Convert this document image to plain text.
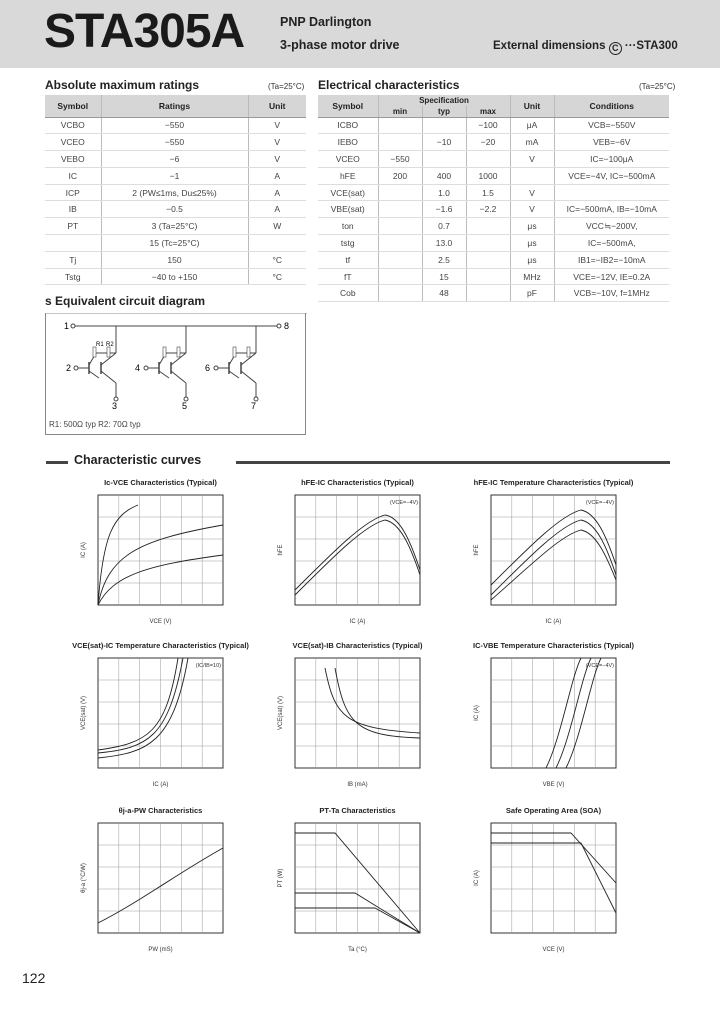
STA305A	PNP Darlington
3-phase motor drive	External dimensions C ···STA300
Absolute maximum ratings	(Ta=25°C)
Symbol	Ratings	Unit
VCBO	−550	V
VCEO	−550	V
VEBO	−6	V
IC	−1	A
ICP	2 (PW≤1ms, Du≤25%)	A
IB	−0.5	A
PT	3 (Ta=25°C)	W
	15 (Tc=25°C)	
Tj	150	°C
Tstg	−40 to +150	°C
Electrical characteristics	(Ta=25°C)
Symbol	Specification			Unit	Conditions
	min	typ	max		
ICBO			−100	μA	VCB=−550V
IEBO		−10	−20	mA	VEB=−6V
VCEO	−550			V	IC=−100μA
hFE	200	400	1000		VCE=−4V, IC=−500mA
VCE(sat)		1.0	1.5	V	
VBE(sat)		−1.6	−2.2	V	IC=−500mA, IB=−10mA
ton		0.7		μs	VCC≒−200V,
tstg		13.0		μs	IC=−500mA,
tf		2.5		μs	IB1=−IB2=−10mA
fT		15		MHz	VCE=−12V, IE=0.2A
Cob		48		pF	VCB=−10V, f=1MHz
s Equivalent circuit diagram
1	8
R1 R2
2	4	6
3	5	7
R1: 500Ω typ R2: 70Ω typ
Characteristic curves
Ic-VCE Characteristics (Typical)
VCE (V)
IC (A)
hFE-IC Characteristics (Typical)
IC (A)
hFE
(VCE=−4V)
hFE-IC Temperature Characteristics (Typical)
IC (A)
hFE
(VCE=−4V)
VCE(sat)-IC Temperature Characteristics (Typical)
IC (A)
VCE(sat) (V)
(IC/IB=10)
VCE(sat)-IB Characteristics (Typical)
IB (mA)
VCE(sat) (V)
IC-VBE Temperature Characteristics (Typical)
VBE (V)
IC (A)
(VCE=−4V)
θj-a-PW Characteristics
PW (mS)
θj-a (°C/W)
PT-Ta Characteristics
Ta (°C)
PT (W)
Safe Operating Area (SOA)
VCE (V)
IC (A)
122
